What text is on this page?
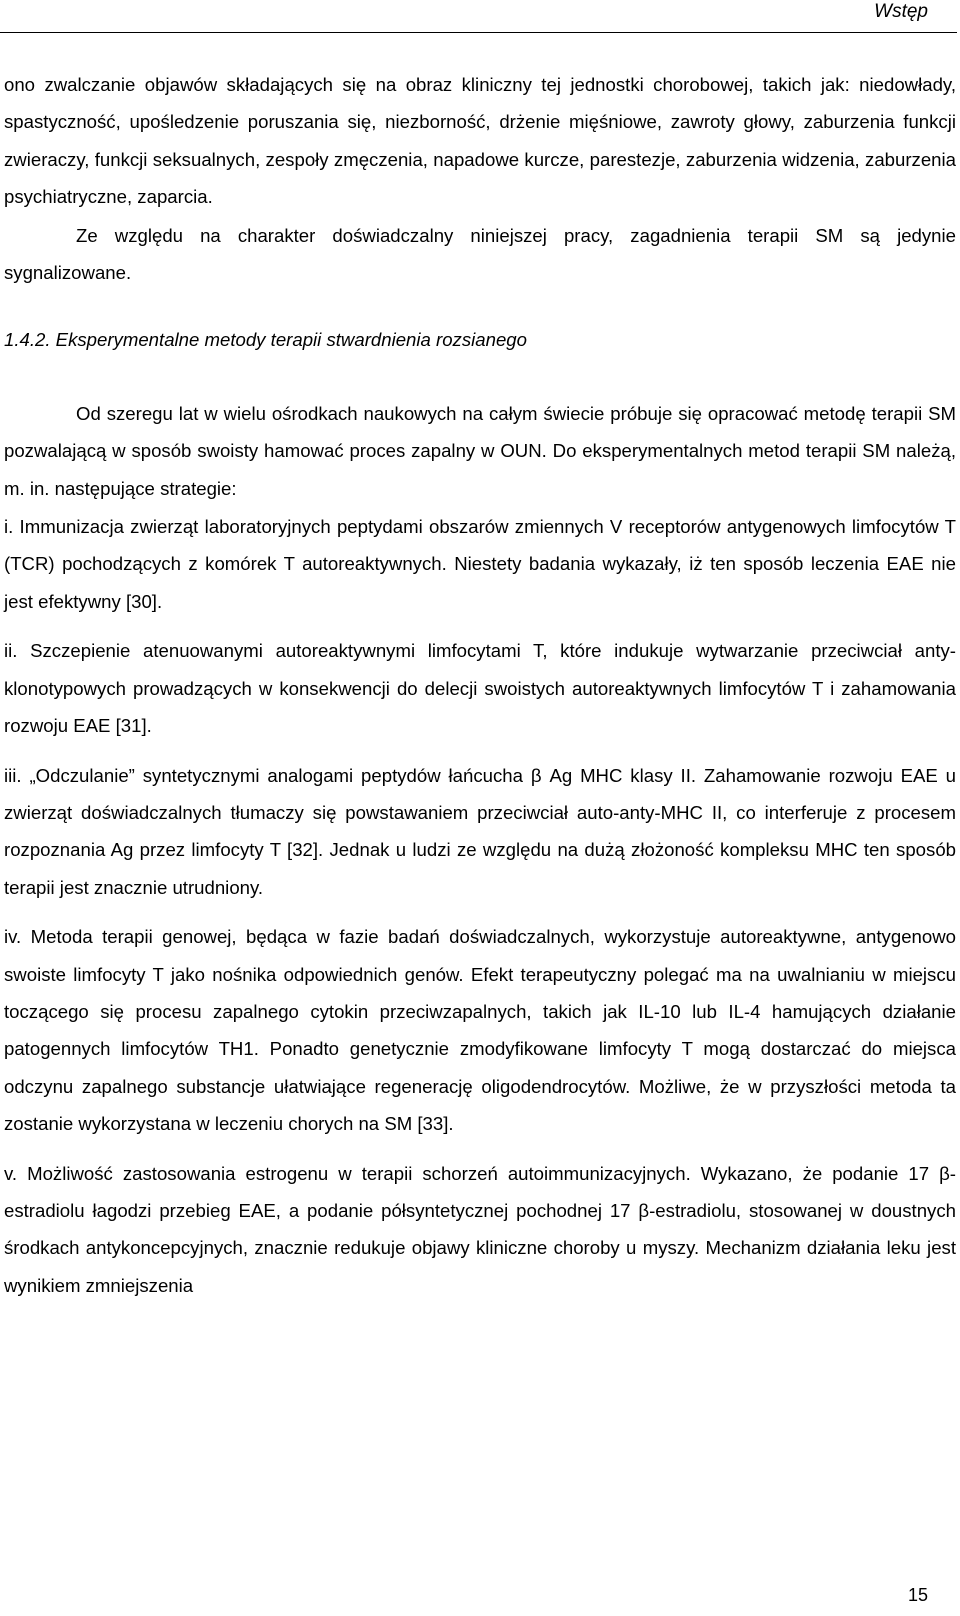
Wstęp

ono zwalczanie objawów składających się na obraz kliniczny tej jednostki chorobowej, takich jak: niedowłady, spastyczność, upośledzenie poruszania się, niezborność, drżenie mięśniowe, zawroty głowy, zaburzenia funkcji zwieraczy, funkcji seksualnych, zespoły zmęczenia, napadowe kurcze, parestezje, zaburzenia widzenia, zaburzenia psychiatryczne, zaparcia.

Ze względu na charakter doświadczalny niniejszej pracy, zagadnienia terapii SM są jedynie sygnalizowane.

1.4.2. Eksperymentalne metody terapii stwardnienia rozsianego

Od szeregu lat w wielu ośrodkach naukowych na całym świecie próbuje się opracować metodę terapii SM pozwalającą w sposób swoisty hamować proces zapalny w OUN. Do eksperymentalnych metod terapii SM należą, m. in. następujące strategie:

i. Immunizacja zwierząt laboratoryjnych peptydami obszarów zmiennych V receptorów antygenowych limfocytów T (TCR) pochodzących z komórek T autoreaktywnych. Niestety badania wykazały, iż ten sposób leczenia EAE nie jest efektywny [30].

ii. Szczepienie atenuowanymi autoreaktywnymi limfocytami T, które indukuje wytwarzanie przeciwciał anty-klonotypowych prowadzących w konsekwencji do delecji swoistych autoreaktywnych limfocytów T i zahamowania rozwoju EAE [31].

iii. „Odczulanie” syntetycznymi analogami peptydów łańcucha β Ag MHC klasy II. Zahamowanie rozwoju EAE u zwierząt doświadczalnych tłumaczy się powstawaniem przeciwciał auto-anty-MHC II, co interferuje z procesem rozpoznania Ag przez limfocyty T [32]. Jednak u ludzi ze względu na dużą złożoność kompleksu MHC ten sposób terapii jest znacznie utrudniony.

iv. Metoda terapii genowej, będąca w fazie badań doświadczalnych, wykorzystuje autoreaktywne, antygenowo swoiste limfocyty T jako nośnika odpowiednich genów. Efekt terapeutyczny polegać ma na uwalnianiu w miejscu toczącego się procesu zapalnego cytokin przeciwzapalnych, takich jak IL-10 lub IL-4 hamujących działanie patogennych limfocytów TH1. Ponadto genetycznie zmodyfikowane limfocyty T mogą dostarczać do miejsca odczynu zapalnego substancje ułatwiające regenerację oligodendrocytów. Możliwe, że w przyszłości metoda ta zostanie wykorzystana w leczeniu chorych na SM [33].

v. Możliwość zastosowania estrogenu w terapii schorzeń autoimmunizacyjnych. Wykazano, że podanie 17 β-estradiolu łagodzi przebieg EAE, a podanie półsyntetycznej pochodnej 17 β-estradiolu, stosowanej w doustnych środkach antykoncepcyjnych, znacznie redukuje objawy kliniczne choroby u myszy. Mechanizm działania leku jest wynikiem zmniejszenia

15
